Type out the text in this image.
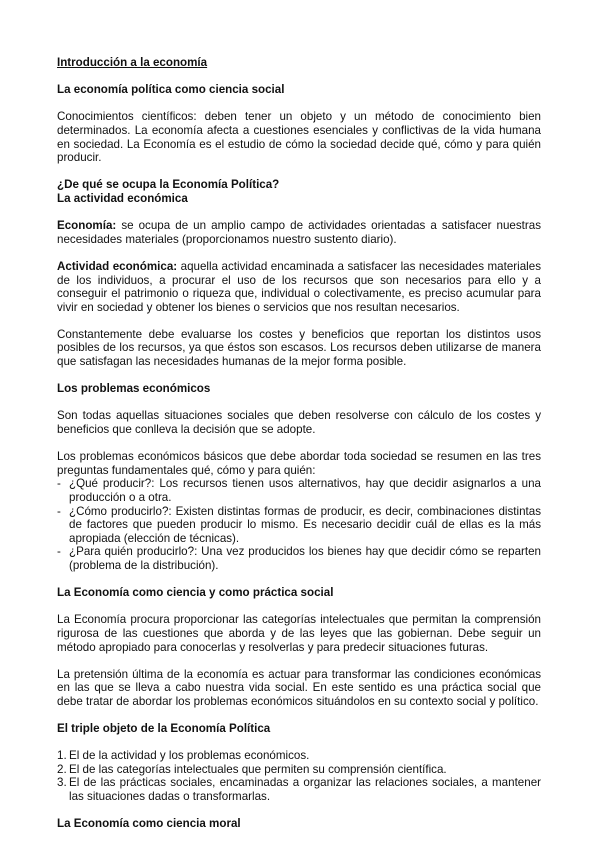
Introducción a la economía

La economía política como ciencia social

Conocimientos científicos: deben tener un objeto y un método de conocimiento bien determinados. La economía afecta a cuestiones esenciales y conflictivas de la vida humana en sociedad. La Economía es el estudio de cómo la sociedad decide qué, cómo y para quién producir.

¿De qué se ocupa la Economía Política?

La actividad económica

Economía: se ocupa de un amplio campo de actividades orientadas a satisfacer nuestras necesidades materiales (proporcionamos nuestro sustento diario).

Actividad económica: aquella actividad encaminada a satisfacer las necesidades materiales de los individuos, a procurar el uso de los recursos que son necesarios para ello y a conseguir el patrimonio o riqueza que, individual o colectivamente, es preciso acumular para vivir en sociedad y obtener los bienes o servicios que nos resultan necesarios.

Constantemente debe evaluarse los costes y beneficios que reportan los distintos usos posibles de los recursos, ya que éstos son escasos. Los recursos deben utilizarse de manera que satisfagan las necesidades humanas de la mejor forma posible.

Los problemas económicos

Son todas aquellas situaciones sociales que deben resolverse con cálculo de los costes y beneficios que conlleva la decisión que se adopte.

Los problemas económicos básicos que debe abordar toda sociedad se resumen en las tres preguntas fundamentales qué, cómo y para quién:

- ¿Qué producir?: Los recursos tienen usos alternativos, hay que decidir asignarlos a una producción o a otra.
- ¿Cómo producirlo?: Existen distintas formas de producir, es decir, combinaciones distintas de factores que pueden producir lo mismo. Es necesario decidir cuál de ellas es la más apropiada (elección de técnicas).
- ¿Para quién producirlo?: Una vez producidos los bienes hay que decidir cómo se reparten (problema de la distribución).

La Economía como ciencia y como práctica social

La Economía procura proporcionar las categorías intelectuales que permitan la comprensión rigurosa de las cuestiones que aborda y de las leyes que las gobiernan. Debe seguir un método apropiado para conocerlas y resolverlas y para predecir situaciones futuras.

La pretensión última de la economía es actuar para transformar las condiciones económicas en las que se lleva a cabo nuestra vida social. En este sentido es una práctica social que debe tratar de abordar los problemas económicos situándolos en su contexto social y político.

El triple objeto de la Economía Política

1. El de la actividad y los problemas económicos.
2. El de las categorías intelectuales que permiten su comprensión científica.
3. El de las prácticas sociales, encaminadas a organizar las relaciones sociales, a mantener las situaciones dadas o transformarlas.

La Economía como ciencia moral
